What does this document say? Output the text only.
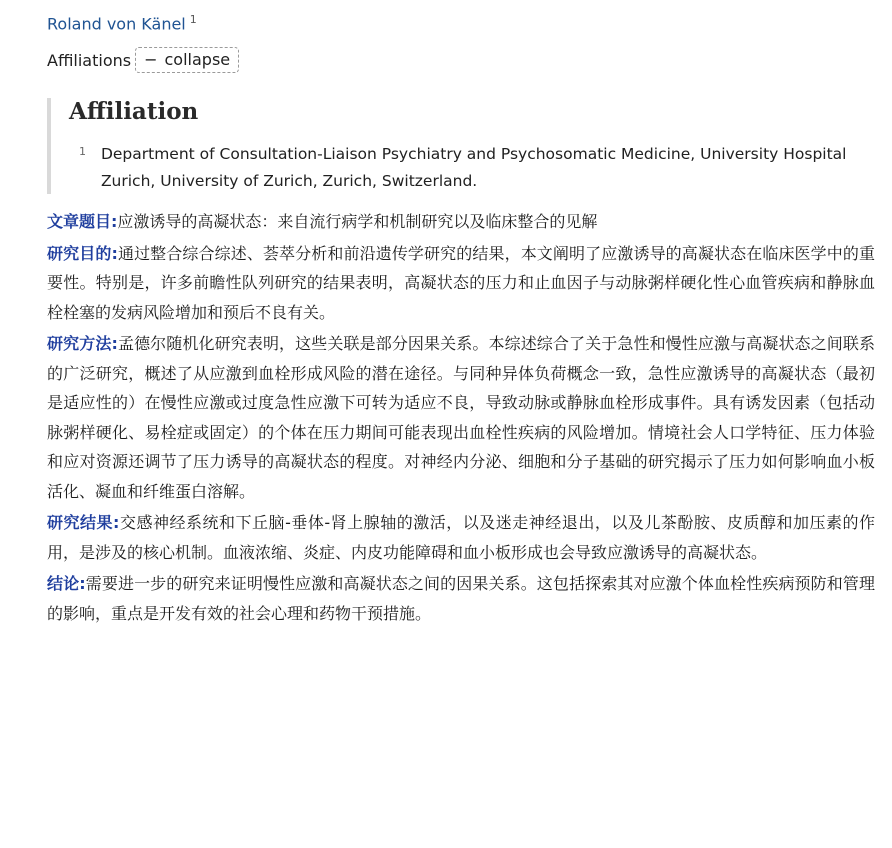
Roland von Känel $^1$
Affiliations − collapse
Affiliation
1 Department of Consultation-Liaison Psychiatry and Psychosomatic Medicine, University Hospital Zurich, University of Zurich, Zurich, Switzerland.

文章题目:应激诱导的高凝状态：来自流行病学和机制研究以及临床整合的见解

研究目的:通过整合综合综述、荟萃分析和前沿遗传学研究的结果，本文阐明了应激诱导的高凝状态在临床医学中的重要性。特别是，许多前瞻性队列研究的结果表明，高凝状态的压力和止血因子与动脉粥样硬化性心血管疾病和静脉血栓栓塞的发病风险增加和预后不良有关。

研究方法:孟德尔随机化研究表明，这些关联是部分因果关系。本综述综合了关于急性和慢性应激与高凝状态之间联系的广泛研究，概述了从应激到血栓形成风险的潜在途径。与同种异体负荷概念一致，急性应激诱导的高凝状态（最初是适应性的）在慢性应激或过度急性应激下可转为适应不良，导致动脉或静脉血栓形成事件。具有诱发因素（包括动脉粥样硬化、易栓症或固定）的个体在压力期间可能表现出血栓性疾病的风险增加。情境社会人口学特征、压力体验和应对资源还调节了压力诱导的高凝状态的程度。对神经内分泌、细胞和分子基础的研究揭示了压力如何影响血小板活化、凝血和纤维蛋白溶解。

研究结果:交感神经系统和下丘脑-垂体-肾上腺轴的激活，以及迷走神经退出，以及儿茶酚胺、皮质醇和加压素的作用，是涉及的核心机制。血液浓缩、炎症、内皮功能障碍和血小板形成也会导致应激诱导的高凝状态。

结论:需要进一步的研究来证明慢性应激和高凝状态之间的因果关系。这包括探索其对应激个体血栓性疾病预防和管理的影响，重点是开发有效的社会心理和药物干预措施。
